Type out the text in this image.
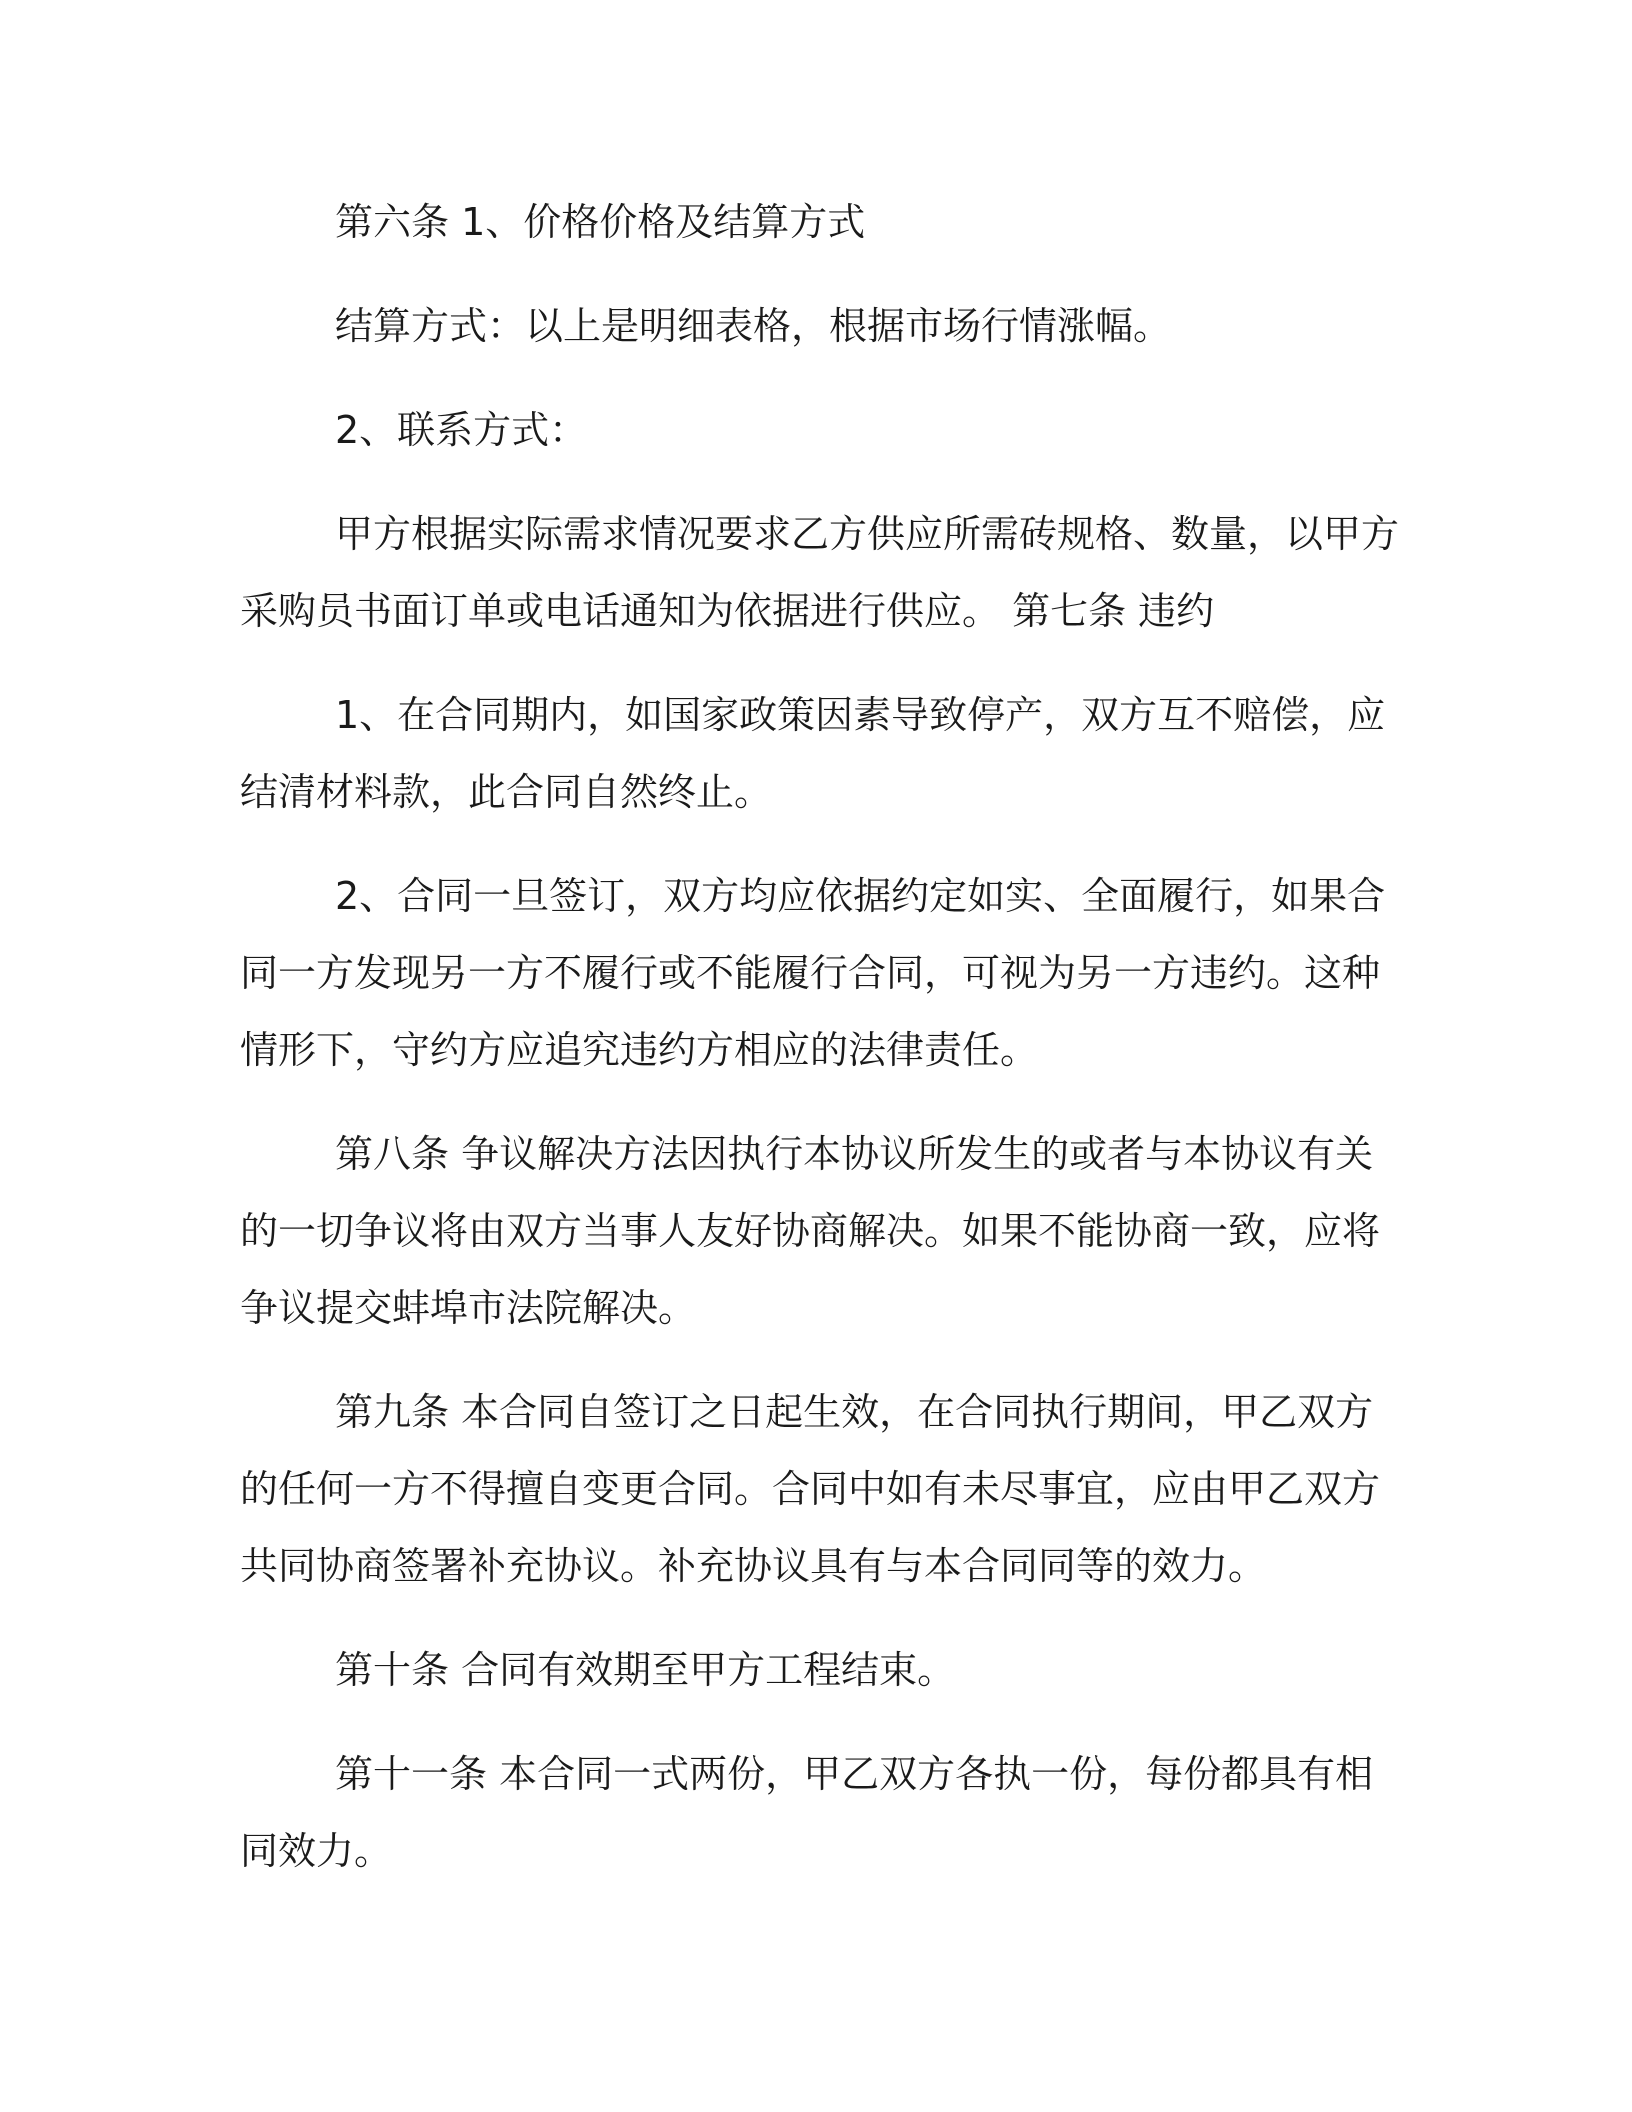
第六条 1、价格价格及结算方式

结算方式：以上是明细表格，根据市场行情涨幅。

2、联系方式：

甲方根据实际需求情况要求乙方供应所需砖规格、数量，以甲方采购员书面订单或电话通知为依据进行供应。 第七条 违约

1、在合同期内，如国家政策因素导致停产，双方互不赔偿，应结清材料款，此合同自然终止。

2、合同一旦签订，双方均应依据约定如实、全面履行，如果合同一方发现另一方不履行或不能履行合同，可视为另一方违约。这种情形下，守约方应追究违约方相应的法律责任。

第八条 争议解决方法因执行本协议所发生的或者与本协议有关的一切争议将由双方当事人友好协商解决。如果不能协商一致，应将争议提交蚌埠市法院解决。

第九条 本合同自签订之日起生效，在合同执行期间，甲乙双方的任何一方不得擅自变更合同。合同中如有未尽事宜，应由甲乙双方共同协商签署补充协议。补充协议具有与本合同同等的效力。

第十条 合同有效期至甲方工程结束。

第十一条 本合同一式两份，甲乙双方各执一份，每份都具有相同效力。
